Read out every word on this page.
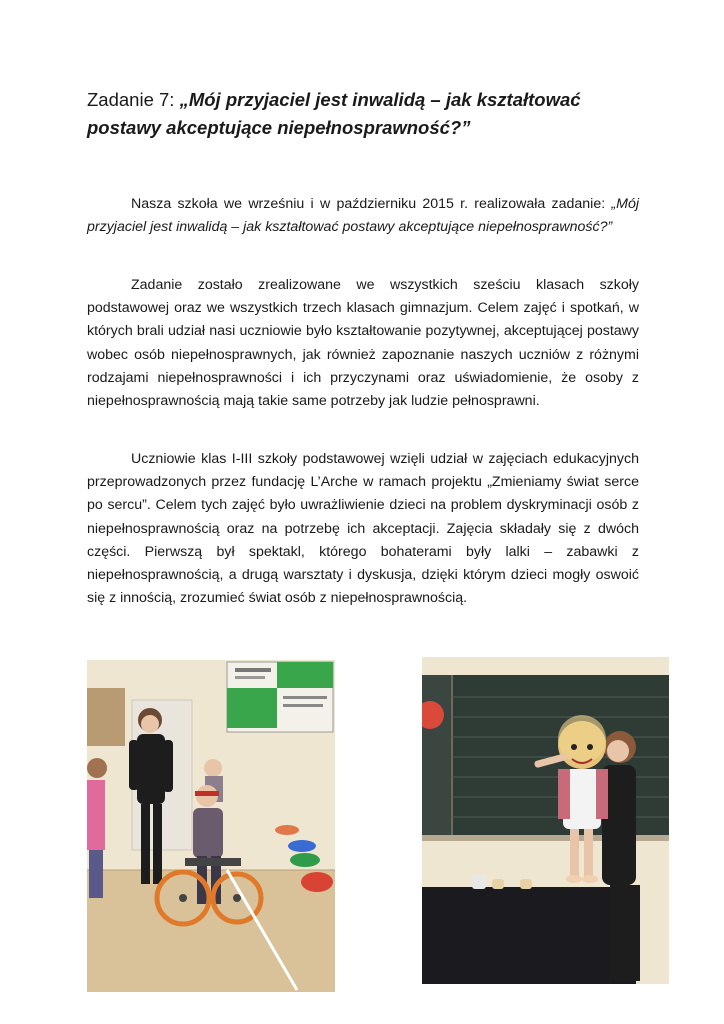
Zadanie 7: „Mój przyjaciel jest inwalidą – jak kształtować postawy akceptujące niepełnosprawność?”

Nasza szkoła we wrześniu i w październiku 2015 r. realizowała zadanie: „Mój przyjaciel jest inwalidą – jak kształtować postawy akceptujące niepełnosprawność?”

Zadanie zostało zrealizowane we wszystkich sześciu klasach szkoły podstawowej oraz we wszystkich trzech klasach gimnazjum. Celem zajęć i spotkań, w których brali udział nasi uczniowie było kształtowanie pozytywnej, akceptującej postawy wobec osób niepełnosprawnych, jak również zapoznanie naszych uczniów z różnymi rodzajami niepełnosprawności i ich przyczynami oraz uświadomienie, że osoby z niepełnosprawnością mają takie same potrzeby jak ludzie pełnosprawni.

Uczniowie klas I-III szkoły podstawowej wzięli udział w zajęciach edukacyjnych przeprowadzonych przez fundację L’Arche w ramach projektu „Zmieniamy świat serce po sercu”. Celem tych zajęć było uwrażliwienie dzieci na problem dyskryminacji osób z niepełnosprawnością oraz na potrzebę ich akceptacji. Zajęcia składały się z dwóch części. Pierwszą był spektakl, którego bohaterami były lalki – zabawki z niepełnosprawnością, a drugą warsztaty i dyskusja, dzięki którym dzieci mogły oswoić się z innością, zrozumieć świat osób z niepełnosprawnością.
